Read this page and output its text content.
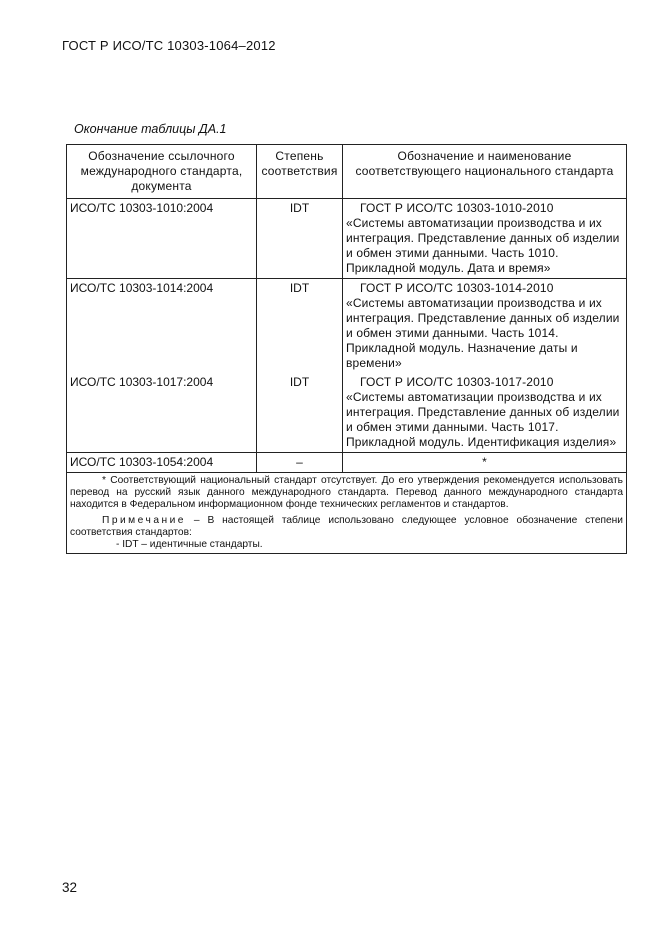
ГОСТ Р ИСО/ТС 10303-1064–2012
Окончание таблицы ДА.1
Обозначение ссылочного международного стандарта, документа	Степень соответствия	Обозначение и наименование соответствующего национального стандарта
ИСО/ТС 10303-1010:2004	IDT	ГОСТ Р ИСО/ТС 10303-1010-2010
«Системы автоматизации производства и их интеграция. Представление данных об изделии и обмен этими данными. Часть 1010. Прикладной модуль. Дата и время»
ИСО/ТС 10303-1014:2004	IDT	ГОСТ Р ИСО/ТС 10303-1014-2010
«Системы автоматизации производства и их интеграция. Представление данных об изделии и обмен этими данными. Часть 1014. Прикладной модуль. Назначение даты и времени»
ИСО/ТС 10303-1017:2004	IDT	ГОСТ Р ИСО/ТС 10303-1017-2010
«Системы автоматизации производства и их интеграция. Представление данных об изделии и обмен этими данными. Часть 1017. Прикладной модуль. Идентификация изделия»
ИСО/ТС 10303-1054:2004	–	*

* Соответствующий национальный стандарт отсутствует. До его утверждения рекомендуется использовать перевод на русский язык данного международного стандарта. Перевод данного международного стандарта находится в Федеральном информационном фонде технических регламентов и стандартов.

Примечание – В настоящей таблице использовано следующее условное обозначение степени соответствия стандартов:

- IDT – идентичные стандарты.		

32
